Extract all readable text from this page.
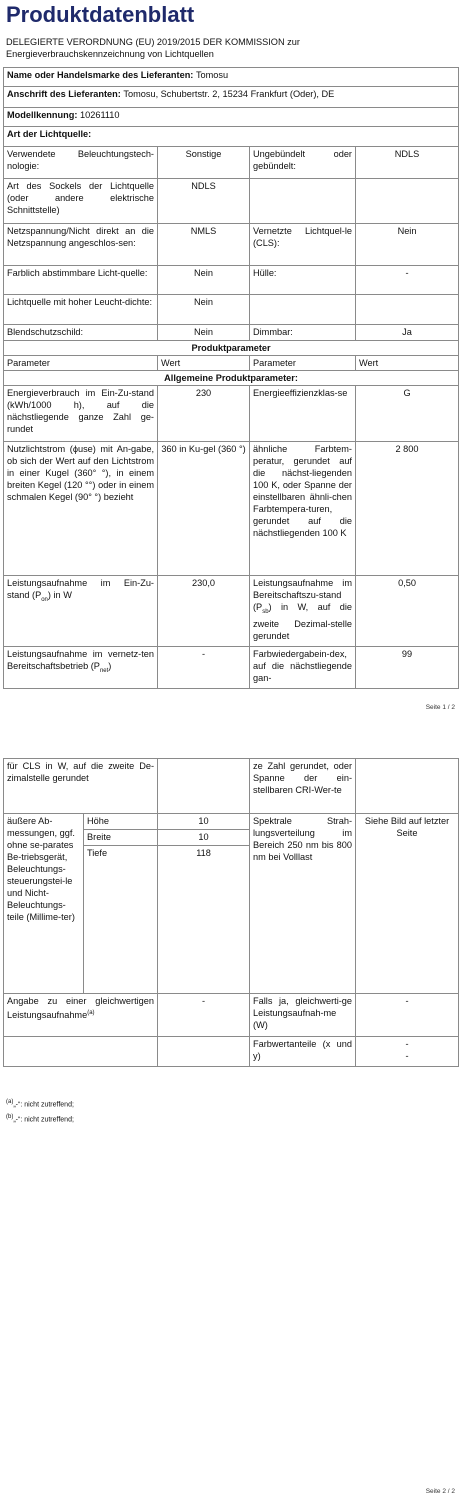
Produktdatenblatt
DELEGIERTE VERORDNUNG (EU) 2019/2015 DER KOMMISSION zur
Energieverbrauchskennzeichnung von Lichtquellen
Name oder Handelsmarke des Lieferanten: Tomosu			
Anschrift des Lieferanten: Tomosu, Schubertstr. 2, 15234 Frankfurt (Oder), DE			
Modellkennung: 10261110			
Art der Lichtquelle:			
Verwendete Beleuchtungstech-nologie:	Sonstige	Ungebündelt oder gebündelt:	NDLS
Art des Sockels der Lichtquelle (oder andere elektrische Schnittstelle)	NDLS		
Netzspannung/Nicht direkt an die Netzspannung angeschlos-sen:	NMLS	Vernetzte Lichtquel-le (CLS):	Nein
Farblich abstimmbare Licht-quelle:	Nein	Hülle:	-
Lichtquelle mit hoher Leucht-dichte:	Nein		
Blendschutzschild:	Nein	Dimmbar:	Ja
Produktparameter			
Parameter	Wert	Parameter	Wert
Allgemeine Produktparameter:			
Energieverbrauch im Ein-Zu-stand (kWh/1000 h), auf die nächstliegende ganze Zahl ge-rundet	230	Energieeffizienzklas-se	G
Nutzlichtstrom (ϕuse) mit An-gabe, ob sich der Wert auf den Lichtstrom in einer Kugel (360° °), in einem breiten Kegel (120 °°) oder in einem schmalen Kegel (90° °) bezieht	360 in Ku-gel (360 °)	ähnliche Farbtem-peratur, gerundet auf die nächst-liegenden 100 K, oder Spanne der einstellbaren ähnli-chen Farbtempera-turen, gerundet auf die nächstliegenden 100 K	2 800
Leistungsaufnahme im Ein-Zu-stand $(P_{on})$ in W	230,0	Leistungsaufnahme im Bereitschaftszu-stand $(P_{sb})$ in W, auf die zweite Dezimal-stelle gerundet	0,50
Leistungsaufnahme im vernetz-ten Bereitschaftsbetrieb $(P_{net})$	-	Farbwiedergabein-dex, auf die nächstliegende gan-	99
Seite 1 / 2
für CLS in W, auf die zweite De-zimalstelle gerundet			ze Zahl gerundet, oder Spanne der ein-stellbaren CRI-Wer-te	
äußere Ab-messungen, ggf. ohne se-parates Be-triebsgerät, Beleuchtungs-steuerungstei-le und Nicht-Beleuchtungs-teile (Millime-ter)	Höhe	10	Spektrale Strah-lungsverteilung im Bereich 250 nm bis 800 nm bei Volllast	Siehe Bild auf letzter Seite
	Breite	10		
	Tiefe	118		
Angabe zu einer gleichwertigen Leistungsaufnahme$^{(a)}$		-	Falls ja, gleichwerti-ge Leistungsaufnah-me (W)	-
			Farbwertanteile (x und y)	-
-
$^{(a)}$„-“: nicht zutreffend;
$^{(b)}$„-“: nicht zutreffend;
Seite 2 / 2
